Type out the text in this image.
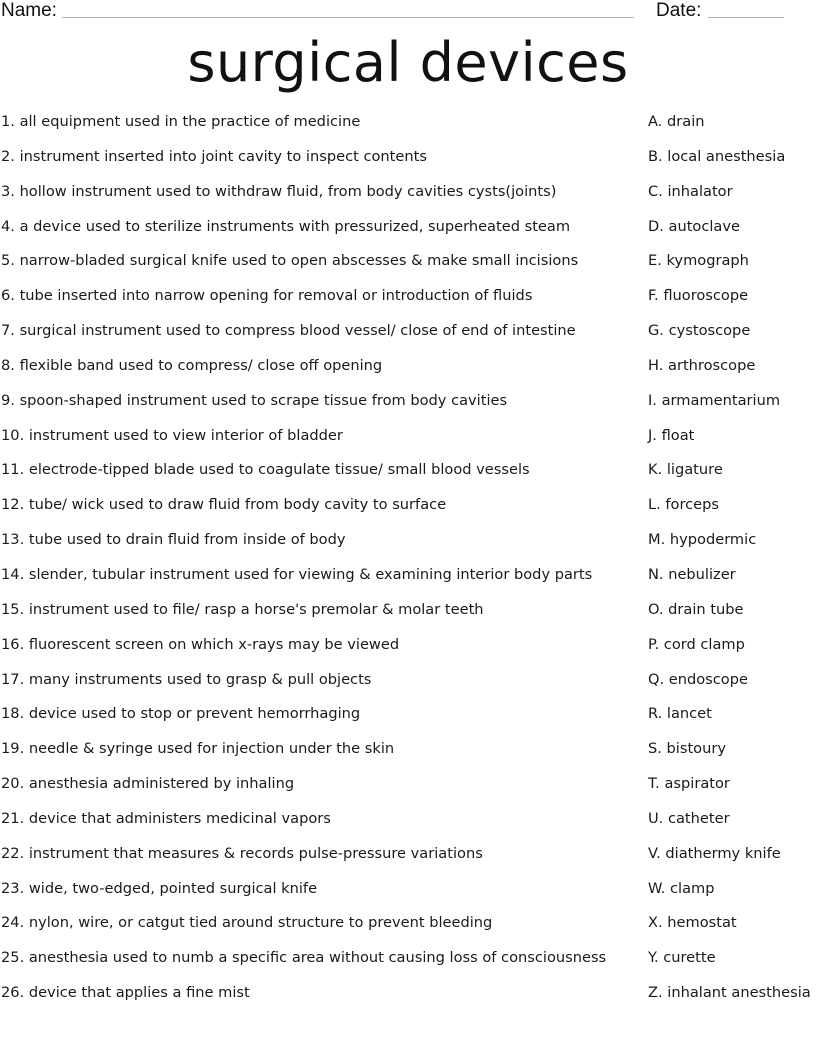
Name:	Date:
surgical devices
1. all equipment used in the practice of medicine
2. instrument inserted into joint cavity to inspect contents
3. hollow instrument used to withdraw fluid, from body cavities cysts(joints)
4. a device used to sterilize instruments with pressurized, superheated steam
5. narrow-bladed surgical knife used to open abscesses & make small incisions
6. tube inserted into narrow opening for removal or introduction of fluids
7. surgical instrument used to compress blood vessel/ close of end of intestine
8. flexible band used to compress/ close off opening
9. spoon-shaped instrument used to scrape tissue from body cavities
10. instrument used to view interior of bladder
11. electrode-tipped blade used to coagulate tissue/ small blood vessels
12. tube/ wick used to draw fluid from body cavity to surface
13. tube used to drain fluid from inside of body
14. slender, tubular instrument used for viewing & examining interior body parts
15. instrument used to file/ rasp a horse's premolar & molar teeth
16. fluorescent screen on which x-rays may be viewed
17. many instruments used to grasp & pull objects
18. device used to stop or prevent hemorrhaging
19. needle & syringe used for injection under the skin
20. anesthesia administered by inhaling
21. device that administers medicinal vapors
22. instrument that measures & records pulse-pressure variations
23. wide, two-edged, pointed surgical knife
24. nylon, wire, or catgut tied around structure to prevent bleeding
25. anesthesia used to numb a specific area without causing loss of consciousness
26. device that applies a fine mist
A. drain
B. local anesthesia
C. inhalator
D. autoclave
E. kymograph
F. fluoroscope
G. cystoscope
H. arthroscope
I. armamentarium
J. float
K. ligature
L. forceps
M. hypodermic
N. nebulizer
O. drain tube
P. cord clamp
Q. endoscope
R. lancet
S. bistoury
T. aspirator
U. catheter
V. diathermy knife
W. clamp
X. hemostat
Y. curette
Z. inhalant anesthesia
